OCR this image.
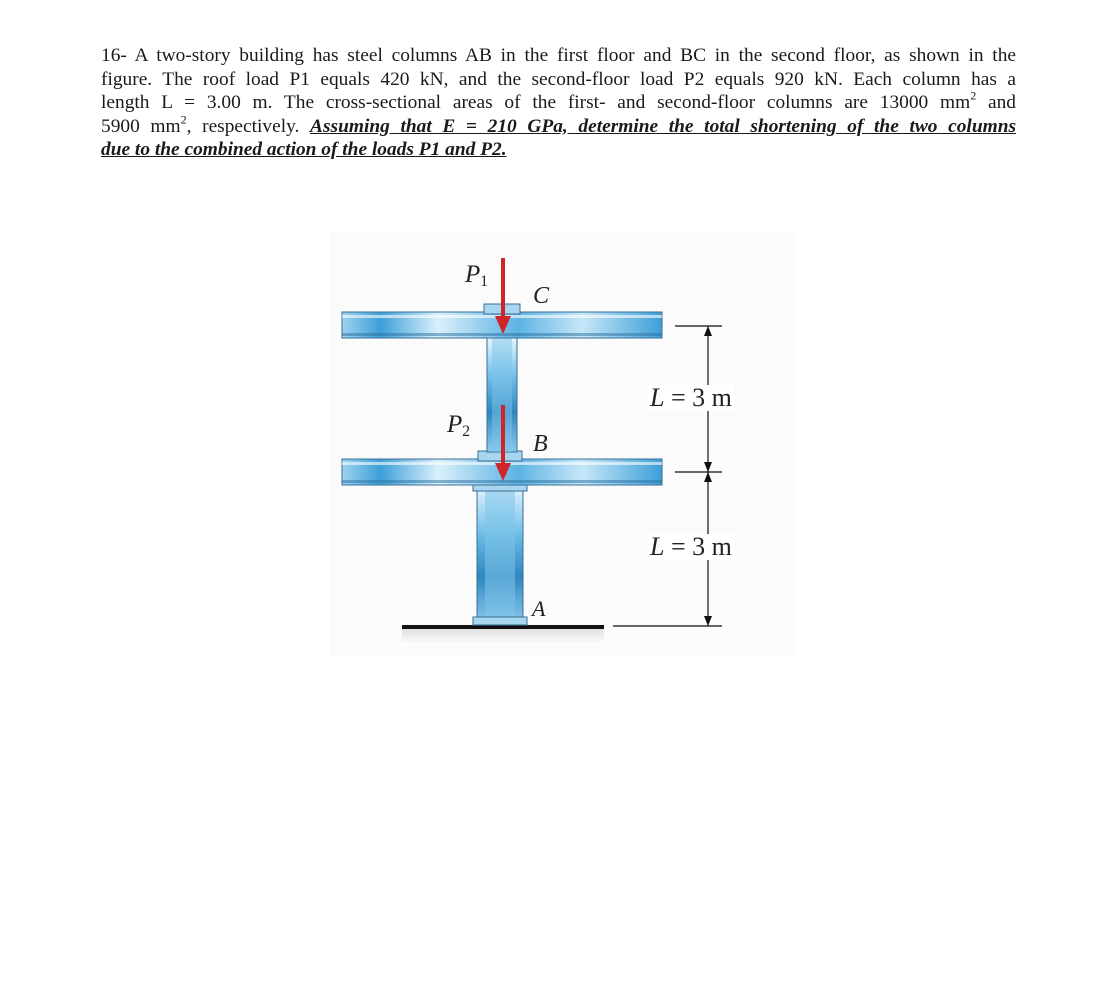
16- A two-story building has steel columns AB in the first floor and BC in the second floor, as shown in the
figure. The roof load P1 equals 420 kN, and the second-floor load P2 equals 920 kN. Each column has a
length L = 3.00 m. The cross-sectional areas of the first- and second-floor columns are 13000 $mm^2$ and
5900 $mm^2$, respectively. Assuming that E = 210 GPa, determine the total shortening of the two columns
due to the combined action of the loads P1 and P2.
$P_1$
C
$P_2$	B
A
L = 3 m
L = 3 m
